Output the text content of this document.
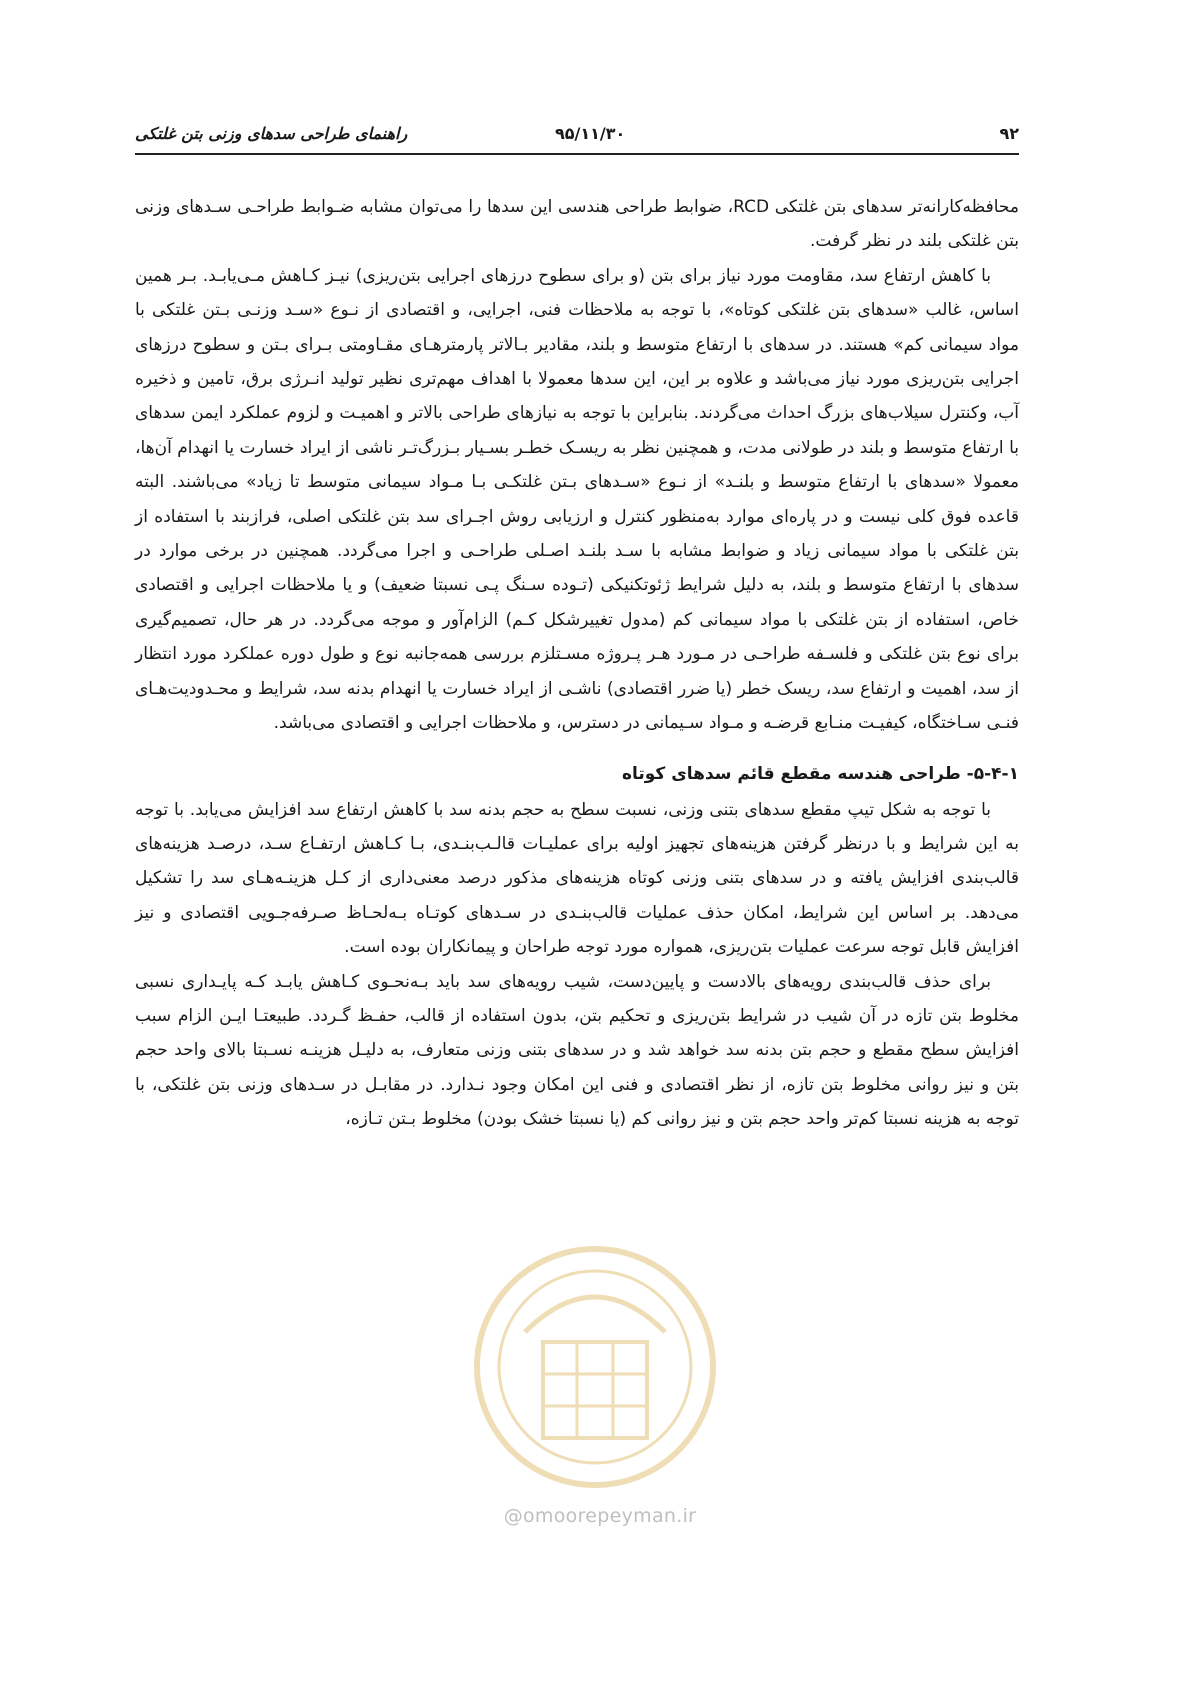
راهنمای طراحی سدهای وزنی بتن غلتکی	۹۵/۱۱/۳۰	۹۲

محافظه‌کارانه‌تر سدهای بتن غلتکی RCD، ضوابط طراحی هندسی این سدها را می‌توان مشابه ضـوابط طراحـی سـدهای وزنی بتن غلتکی بلند در نظر گرفت.

با کاهش ارتفاع سد، مقاومت مورد نیاز برای بتن (و برای سطوح درزهای اجرایی بتن‌ریزی) نیـز کـاهش مـی‌یابـد. بـر همین اساس، غالب «سدهای بتن غلتکی کوتاه»، با توجه به ملاحظات فنی، اجرایی، و اقتصادی از نـوع «سـد وزنـی بـتن غلتکی با مواد سیمانی کم» هستند. در سدهای با ارتفاع متوسط و بلند، مقادیر بـالاتر پارمترهـای مقـاومتی بـرای بـتن و سطوح درزهای اجرایی بتن‌ریزی مورد نیاز می‌باشد و علاوه بر این، این سدها معمولا با اهداف مهم‌تری نظیر تولید انـرژی برق، تامین و ذخیره آب، وکنترل سیلاب‌های بزرگ احداث می‌گردند. بنابراین با توجه به نیازهای طراحی بالاتر و اهمیـت و لزوم عملکرد ایمن سدهای با ارتفاع متوسط و بلند در طولانی مدت، و همچنین نظر به ریسـک خطـر بسـیار بـزرگ‌تـر ناشی از ایراد خسارت یا انهدام آن‌ها، معمولا «سدهای با ارتفاع متوسط و بلنـد» از نـوع «سـدهای بـتن غلتکـی بـا مـواد سیمانی متوسط تا زیاد» می‌باشند. البته قاعده فوق کلی نیست و در پاره‌ای موارد به‌منظور کنترل و ارزیابی روش اجـرای سد بتن غلتکی اصلی، فرازبند با استفاده از بتن غلتکی با مواد سیمانی زیاد و ضوابط مشابه با سـد بلنـد اصـلی طراحـی و اجرا می‌گردد. همچنین در برخی موارد در سدهای با ارتفاع متوسط و بلند، به دلیل شرایط ژئوتکنیکی (تـوده سـنگ پـی نسبتا ضعیف) و یا ملاحظات اجرایی و اقتصادی خاص، استفاده از بتن غلتکی با مواد سیمانی کم (مدول تغییرشکل کـم) الزام‌آور و موجه می‌گردد. در هر حال، تصمیم‌گیری برای نوع بتن غلتکی و فلسـفه طراحـی در مـورد هـر پـروژه مسـتلزم بررسی همه‌جانبه نوع و طول دوره عملکرد مورد انتظار از سد، اهمیت و ارتفاع سد، ریسک خطر (یا ضرر اقتصادی) ناشـی از ایراد خسارت یا انهدام بدنه سد، شرایط و محـدودیت‌هـای فنـی سـاختگاه، کیفیـت منـابع قرضـه و مـواد سـیمانی در دسترس، و ملاحظات اجرایی و اقتصادی می‌باشد.

۵-۴-۱- طراحی هندسه مقطع قائم سدهای کوتاه

با توجه به شکل تیپ مقطع سدهای بتنی وزنی، نسبت سطح به حجم بدنه سد با کاهش ارتفاع سد افزایش می‌یابد. با توجه به این شرایط و با درنظر گرفتن هزینه‌های تجهیز اولیه برای عملیـات قالـب‌بنـدی، بـا کـاهش ارتفـاع سـد، درصـد هزینه‌های قالب‌بندی افزایش یافته و در سدهای بتنی وزنی کوتاه هزینه‌های مذکور درصد معنی‌داری از کـل هزینـه‌هـای سد را تشکیل می‌دهد. بر اساس این شرایط، امکان حذف عملیات قالب‌بنـدی در سـدهای کوتـاه بـه‌لحـاظ صـرفه‌جـویی اقتصادی و نیز افزایش قابل توجه سرعت عملیات بتن‌ریزی، همواره مورد توجه طراحان و پیمانکاران بوده است.

برای حذف قالب‌بندی رویه‌های بالادست و پایین‌دست، شیب رویه‌های سد باید بـه‌نحـوی کـاهش یابـد کـه پایـداری نسبی مخلوط بتن تازه در آن شیب در شرایط بتن‌ریزی و تحکیم بتن، بدون استفاده از قالب، حفـظ گـردد. طبیعتـا ایـن الزام سبب افزایش سطح مقطع و حجم بتن بدنه سد خواهد شد و در سدهای بتنی وزنی متعارف، به دلیـل هزینـه نسـبتا بالای واحد حجم بتن و نیز روانی مخلوط بتن تازه، از نظر اقتصادی و فنی این امکان وجود نـدارد. در مقابـل در سـدهای وزنی بتن غلتکی، با توجه به هزینه نسبتا کم‌تر واحد حجم بتن و نیز روانی کم (یا نسبتا خشک بودن) مخلوط بـتن تـازه،

@omoorepeyman.ir
